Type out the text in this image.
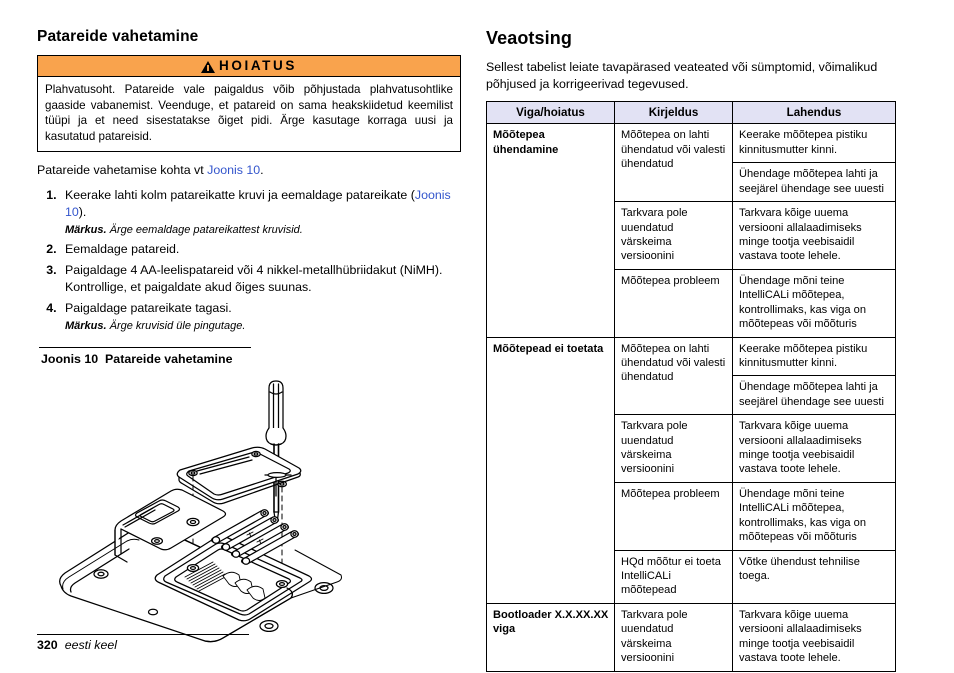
Patareide vahetamine
HOIATUS
Plahvatusoht. Patareide vale paigaldus võib põhjustada plahvatusohtlike gaaside vabanemist. Veenduge, et patareid on sama heakskiidetud keemilist tüüpi ja et need sisestatakse õiget pidi. Ärge kasutage korraga uusi ja kasutatud patareisid.

Patareide vahetamise kohta vt Joonis 10.

1. Keerake lahti kolm patareikatte kruvi ja eemaldage patareikate (Joonis 10).
Märkus. Ärge eemaldage patareikattest kruvisid.
2. Eemaldage patareid.
3. Paigaldage 4 AA-leelispatareid või 4 nikkel-metallhübriidakut (NiMH). Kontrollige, et paigaldate akud õiges suunas.
4. Paigaldage patareikate tagasi.
Märkus. Ärge kruvisid üle pingutage.
Joonis 10 Patareide vahetamine
Veaotsing

Sellest tabelist leiate tavapärased veateated või sümptomid, võimalikud põhjused ja korrigeerivad tegevused.

Viga/hoiatus	Kirjeldus	Lahendus
Mõõtepea ühendamine	Mõõtepea on lahti ühendatud või valesti ühendatud	Keerake mõõtepea pistiku kinnitusmutter kinni.
		Ühendage mõõtepea lahti ja seejärel ühendage see uuesti
	Tarkvara pole uuendatud värskeima versioonini	Tarkvara kõige uuema versiooni allalaadimiseks minge tootja veebisaidil vastava toote lehele.
	Mõõtepea probleem	Ühendage mõni teine IntelliCALi mõõtepea, kontrollimaks, kas viga on mõõtepeas või mõõturis
Mõõtepead ei toetata	Mõõtepea on lahti ühendatud või valesti ühendatud	Keerake mõõtepea pistiku kinnitusmutter kinni.
		Ühendage mõõtepea lahti ja seejärel ühendage see uuesti
	Tarkvara pole uuendatud värskeima versioonini	Tarkvara kõige uuema versiooni allalaadimiseks minge tootja veebisaidil vastava toote lehele.
	Mõõtepea probleem	Ühendage mõni teine IntelliCALi mõõtepea, kontrollimaks, kas viga on mõõtepeas või mõõturis
	HQd mõõtur ei toeta IntelliCALi mõõtepead	Võtke ühendust tehnilise toega.
Bootloader X.X.XX.XX viga	Tarkvara pole uuendatud värskeima versioonini	Tarkvara kõige uuema versiooni allalaadimiseks minge tootja veebisaidil vastava toote lehele.
320 eesti keel
